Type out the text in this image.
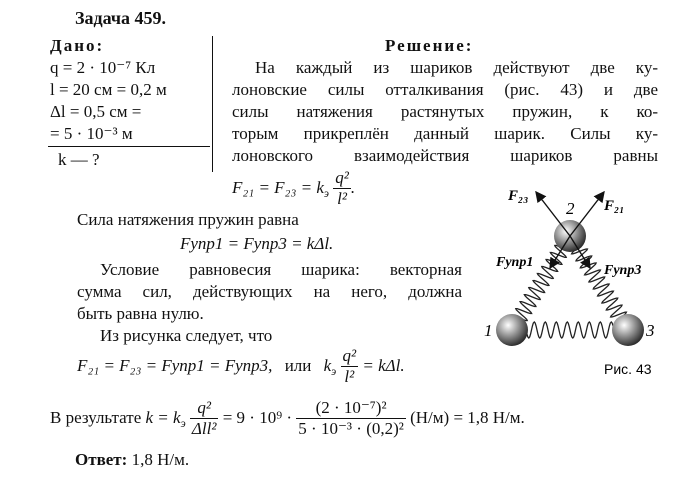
Задача 459.
Дано:
q = 2 · 10⁻⁷ Кл
l = 20 см = 0,2 м
Δl = 0,5 см =
= 5 · 10⁻³ м
k — ?
Решение:
На каждый из шариков действуют две ку-
лоновские силы отталкивания (рис. 43) и две
силы натяжения растянутых пружин, к ко-
торым прикреплён данный шарик. Силы ку-
лоновского взаимодействия шариков равны
$F_{21} = F_{23} = k_э \frac{\text{q²}}{\text{l²}}$ .
Сила натяжения пружин равна
Fупр1 = Fупр3 = kΔl.
Условие равновесия шарика: векторная
сумма сил, действующих на него, должна
быть равна нулю.
Из рисунка следует, что
F₂₁ = F₂₃ = Fупр1 = Fупр3, или $k_э \frac{\text{q²}}{\text{l²}} = k\Delta l$.
В результате $k = k_э \frac{\text{q²}}{\text{Δll²}} = 9 \cdot 10^9 \cdot \frac{\text{(2 · 10⁻⁷)²}}{\text{5 · 10⁻³ · (0,2)²}} (Н/м) = 1,8$ Н/м.
Ответ: 1,8 Н/м.
F₂₃
F₂₁
Fупр1
Fупр3
1
2
3
Рис. 43
